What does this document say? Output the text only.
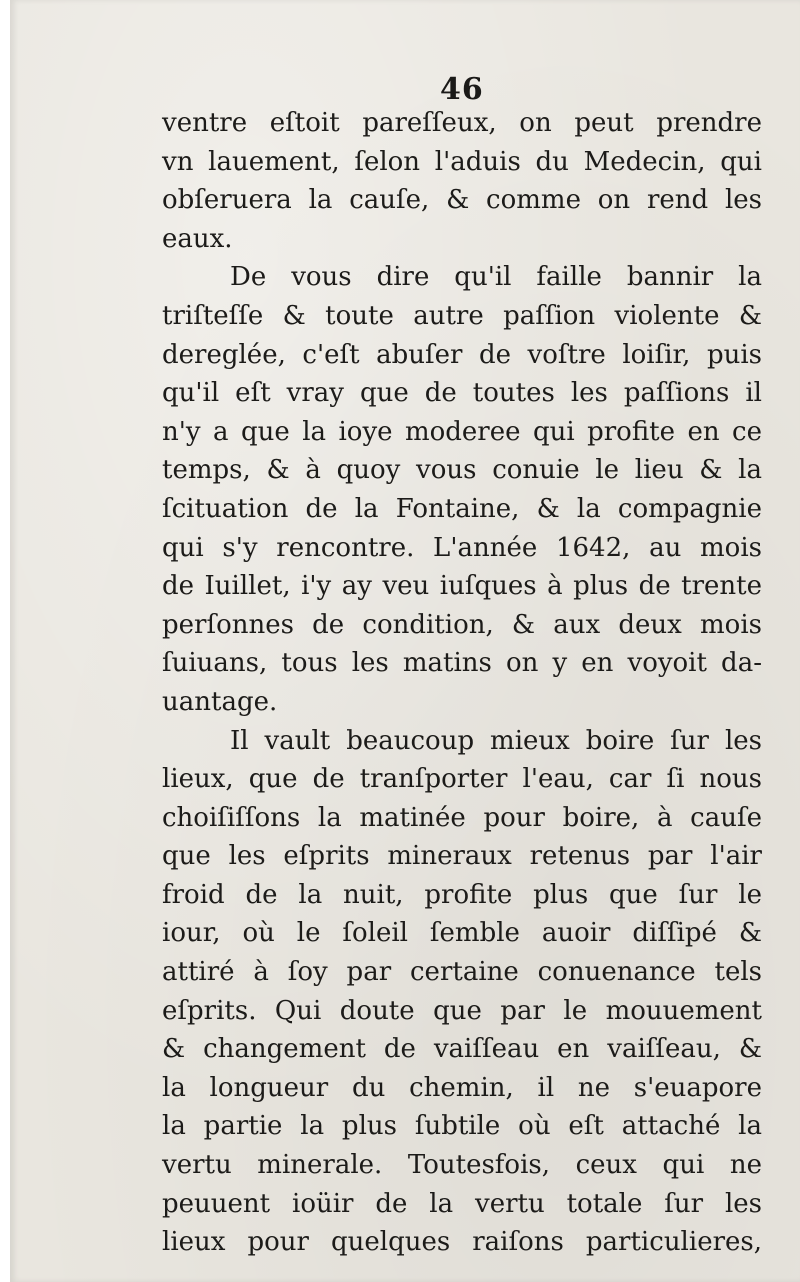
46
ventre eſtoit pareſſeux, on peut prendre
vn lauement, ſelon l'aduis du Medecin, qui
obſeruera la cauſe, & comme on rend les
eaux.
De vous dire qu'il faille bannir la
triſteſſe & toute autre paſſion violente &
dereglée, c'eſt abuſer de voſtre loiſir, puis
qu'il eſt vray que de toutes les paſſions il
n'y a que la ioye moderee qui profite en ce
temps, & à quoy vous conuie le lieu & la
ſcituation de la Fontaine, & la compagnie
qui s'y rencontre. L'année 1642, au mois
de Iuillet, i'y ay veu iuſques à plus de trente
perſonnes de condition, & aux deux mois
ſuiuans, tous les matins on y en voyoit da-
uantage.
Il vault beaucoup mieux boire ſur les
lieux, que de tranſporter l'eau, car ſi nous
choiſiſſons la matinée pour boire, à cauſe
que les eſprits mineraux retenus par l'air
froid de la nuit, profite plus que ſur le
iour, où le ſoleil ſemble auoir diſſipé &
attiré à ſoy par certaine conuenance tels
eſprits. Qui doute que par le mouuement
& changement de vaiſſeau en vaiſſeau, &
la longueur du chemin, il ne s'euapore
la partie la plus ſubtile où eſt attaché la
vertu minerale. Toutesfois, ceux qui ne
peuuent ioüir de la vertu totale ſur les
lieux pour quelques raiſons particulieres,
